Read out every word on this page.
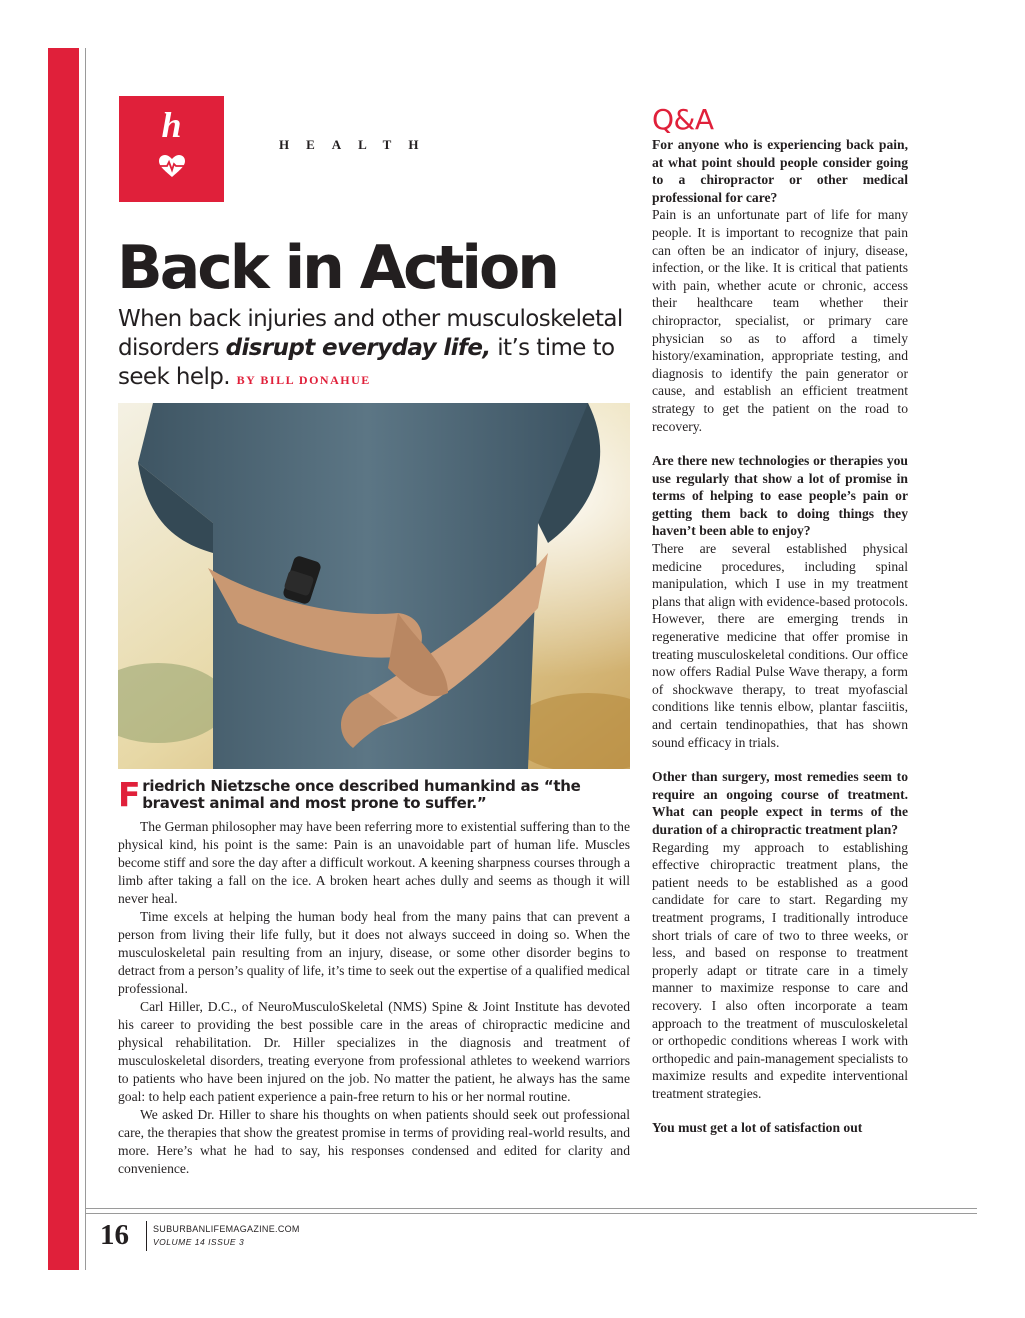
h	HEALTH
Back in Action
When back injuries and other musculoskeletal disorders disrupt everyday life, it’s time to seek help. BY BILL DONAHUE
Friedrich Nietzsche once described humankind as “the bravest animal and most prone to suffer.”

The German philosopher may have been referring more to existential suffering than to the physical kind, his point is the same: Pain is an unavoidable part of human life. Muscles become stiff and sore the day after a difficult workout. A keening sharpness courses through a limb after taking a fall on the ice. A broken heart aches dully and seems as though it will never heal.

Time excels at helping the human body heal from the many pains that can prevent a person from living their life fully, but it does not always succeed in doing so. When the musculoskeletal pain resulting from an injury, disease, or some other disorder begins to detract from a person’s quality of life, it’s time to seek out the expertise of a qualified medical professional.

Carl Hiller, D.C., of NeuroMusculoSkeletal (NMS) Spine & Joint Institute has devoted his career to providing the best possible care in the areas of chiropractic medicine and physical rehabilitation. Dr. Hiller specializes in the diagnosis and treatment of musculoskeletal disorders, treating everyone from professional athletes to weekend warriors to patients who have been injured on the job. No matter the patient, he always has the same goal: to help each patient experience a pain-free return to his or her normal routine.

We asked Dr. Hiller to share his thoughts on when patients should seek out professional care, the therapies that show the greatest promise in terms of providing real-world results, and more. Here’s what he had to say, his responses condensed and edited for clarity and convenience.

Q&A

For anyone who is experiencing back pain, at what point should people consider going to a chiropractor or other medical professional for care?

Pain is an unfortunate part of life for many people. It is important to recognize that pain can often be an indicator of injury, disease, infection, or the like. It is critical that patients with pain, whether acute or chronic, access their healthcare team whether their chiropractor, specialist, or primary care physician so as to afford a timely history/examination, appropriate testing, and diagnosis to identify the pain generator or cause, and establish an efficient treatment strategy to get the patient on the road to recovery.

Are there new technologies or therapies you use regularly that show a lot of promise in terms of helping to ease people’s pain or getting them back to doing things they haven’t been able to enjoy?

There are several established physical medicine procedures, including spinal manipulation, which I use in my treatment plans that align with evidence-based protocols. However, there are emerging trends in regenerative medicine that offer promise in treating musculoskeletal conditions. Our office now offers Radial Pulse Wave therapy, a form of shockwave therapy, to treat myofascial conditions like tennis elbow, plantar fasciitis, and certain tendinopathies, that has shown sound efficacy in trials.

Other than surgery, most remedies seem to require an ongoing course of treatment. What can people expect in terms of the duration of a chiropractic treatment plan?

Regarding my approach to establishing effective chiropractic treatment plans, the patient needs to be established as a good candidate for care to start. Regarding my treatment programs, I traditionally introduce short trials of care of two to three weeks, or less, and based on response to treatment properly adapt or titrate care in a timely manner to maximize response to care and recovery. I also often incorporate a team approach to the treatment of musculoskeletal or orthopedic conditions whereas I work with orthopedic and pain-management specialists to maximize results and expedite interventional treatment strategies.

You must get a lot of satisfaction out

16	SUBURBANLIFEMAGAZINE.COM
VOLUME 14 ISSUE 3
